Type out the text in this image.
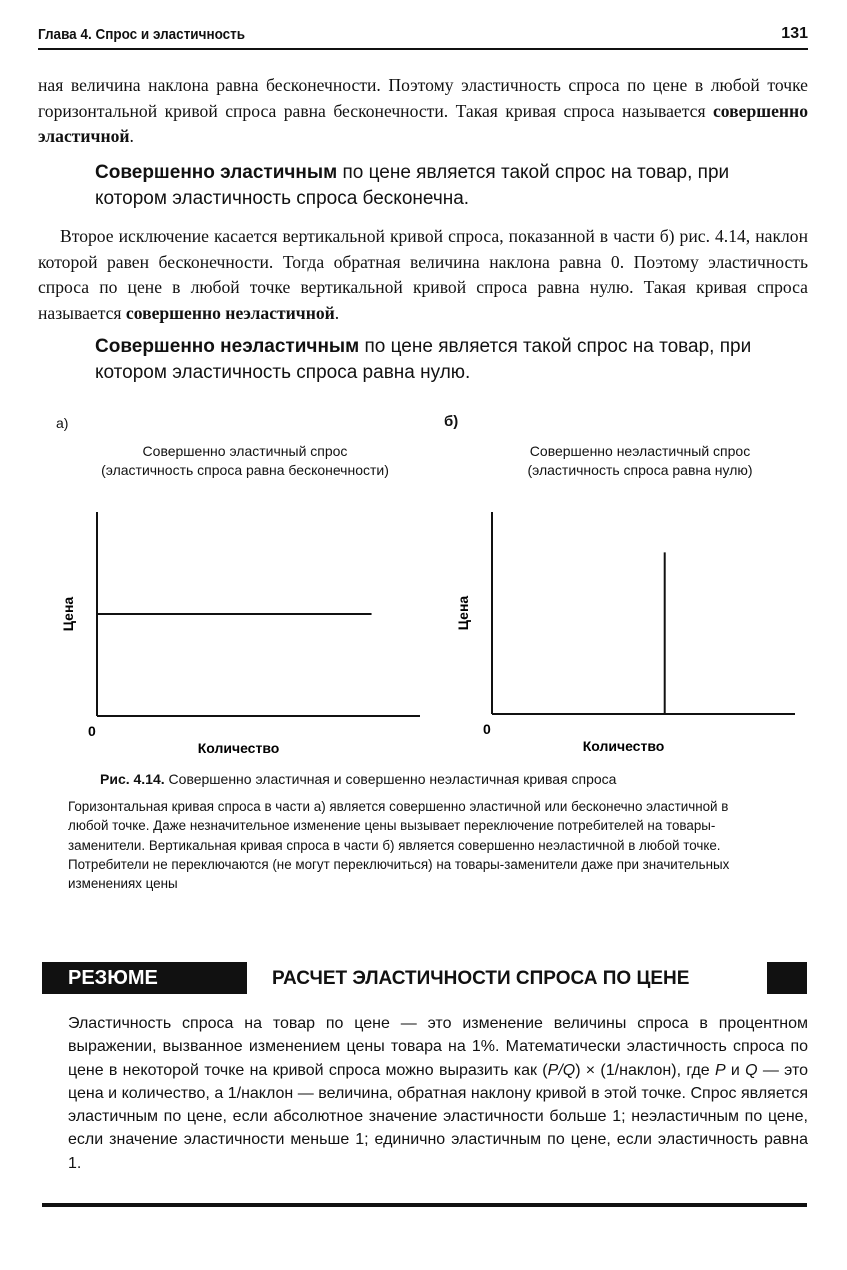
Глава 4. Спрос и эластичность	131

ная величина наклона равна бесконечности. Поэтому эластичность спроса по цене в любой точке горизонтальной кривой спроса равна бесконечности. Такая кривая спроса называется совершенно эластичной.

Совершенно эластичным по цене является такой спрос на товар, при котором эластичность спроса бесконечна.

Второе исключение касается вертикальной кривой спроса, показанной в части б) рис. 4.14, наклон которой равен бесконечности. Тогда обратная величина наклона равна 0. Поэтому эластичность спроса по цене в любой точке вертикальной кривой спроса равна нулю. Такая кривая спроса называется совершенно неэластичной.

Совершенно неэластичным по цене является такой спрос на товар, при котором эластичность спроса равна нулю.

а)	б)
Совершенно эластичный спрос
(эластичность спроса равна бесконечности)
Совершенно неэластичный спрос
(эластичность спроса равна нулю)
0
Количество
Цена
0
Количество
Цена
Рис. 4.14. Совершенно эластичная и совершенно неэластичная кривая спроса

Горизонтальная кривая спроса в части а) является совершенно эластичной или бесконечно эластичной в любой точке. Даже незначительное изменение цены вызывает переключение потребителей на товары-заменители. Вертикальная кривая спроса в части б) является совершенно неэластичной в любой точке. Потребители не переключаются (не могут переключиться) на товары-заменители даже при значительных изменениях цены

РЕЗЮМЕ	РАСЧЕТ ЭЛАСТИЧНОСТИ СПРОСА ПО ЦЕНЕ

Эластичность спроса на товар по цене — это изменение величины спроса в процентном выражении, вызванное изменением цены товара на 1%. Математически эластичность спроса по цене в некоторой точке на кривой спроса можно выразить как (P/Q) × (1/наклон), где P и Q — это цена и количество, а 1/наклон — величина, обратная наклону кривой в этой точке. Спрос является эластичным по цене, если абсолютное значение эластичности больше 1; неэластичным по цене, если значение эластичности меньше 1; единично эластичным по цене, если эластичность равна 1.
